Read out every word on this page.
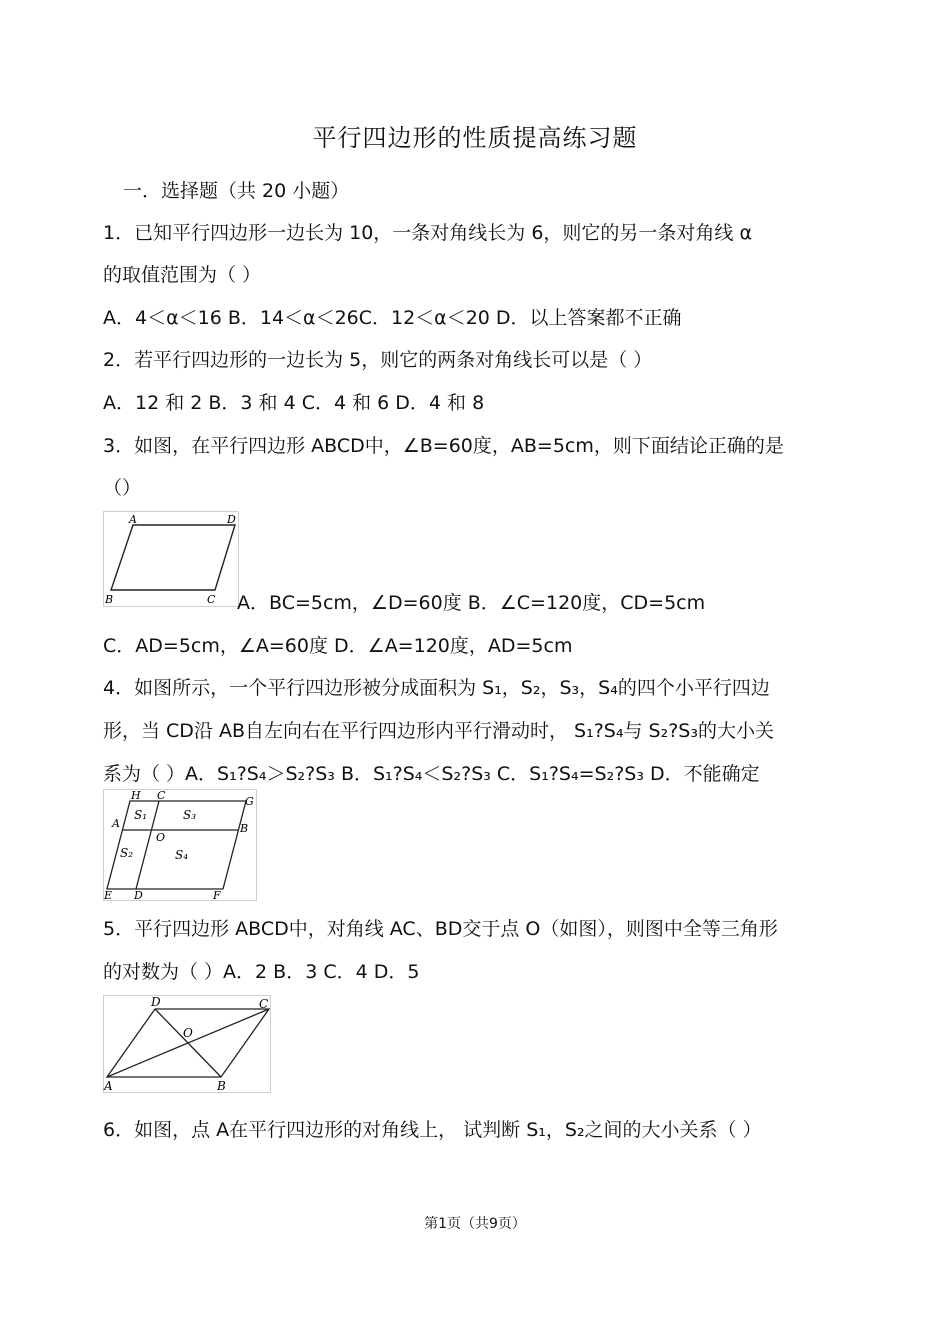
平行四边形的性质提高练习题
一．选择题（共 20 小题）
1．已知平行四边形一边长为 10，一条对角线长为 6，则它的另一条对角线 α
的取值范围为（ ）
A．4＜α＜16 B．14＜α＜26C．12＜α＜20 D．以上答案都不正确
2．若平行四边形的一边长为 5，则它的两条对角线长可以是（ ）
A．12 和 2 B．3 和 4 C．4 和 6 D．4 和 8
3．如图，在平行四边形 ABCD中，∠B=60度，AB=5cm，则下面结论正确的是
（）
A	D
B	C A．BC=5cm，∠D=60度 B．∠C=120度，CD=5cm
C．AD=5cm，∠A=60度 D．∠A=120度，AD=5cm
4．如图所示，一个平行四边形被分成面积为 S₁，S₂，S₃，S₄的四个小平行四边
形，当 CD沿 AB自左向右在平行四边形内平行滑动时， S₁?S₄与 S₂?S₃的大小关
系为（ ）A．S₁?S₄＞S₂?S₃ B．S₁?S₄＜S₂?S₃ C．S₁?S₄=S₂?S₃ D．不能确定
H C	G
A
O
B
E D	F
S₁	S₃
S₂	S₄
5．平行四边形 ABCD中，对角线 AC、BD交于点 O（如图），则图中全等三角形
的对数为（ ）A．2 B．3 C．4 D．5
D	C
O
A	B
6．如图，点 A在平行四边形的对角线上， 试判断 S₁，S₂之间的大小关系（ ）
第1页（共9页）
